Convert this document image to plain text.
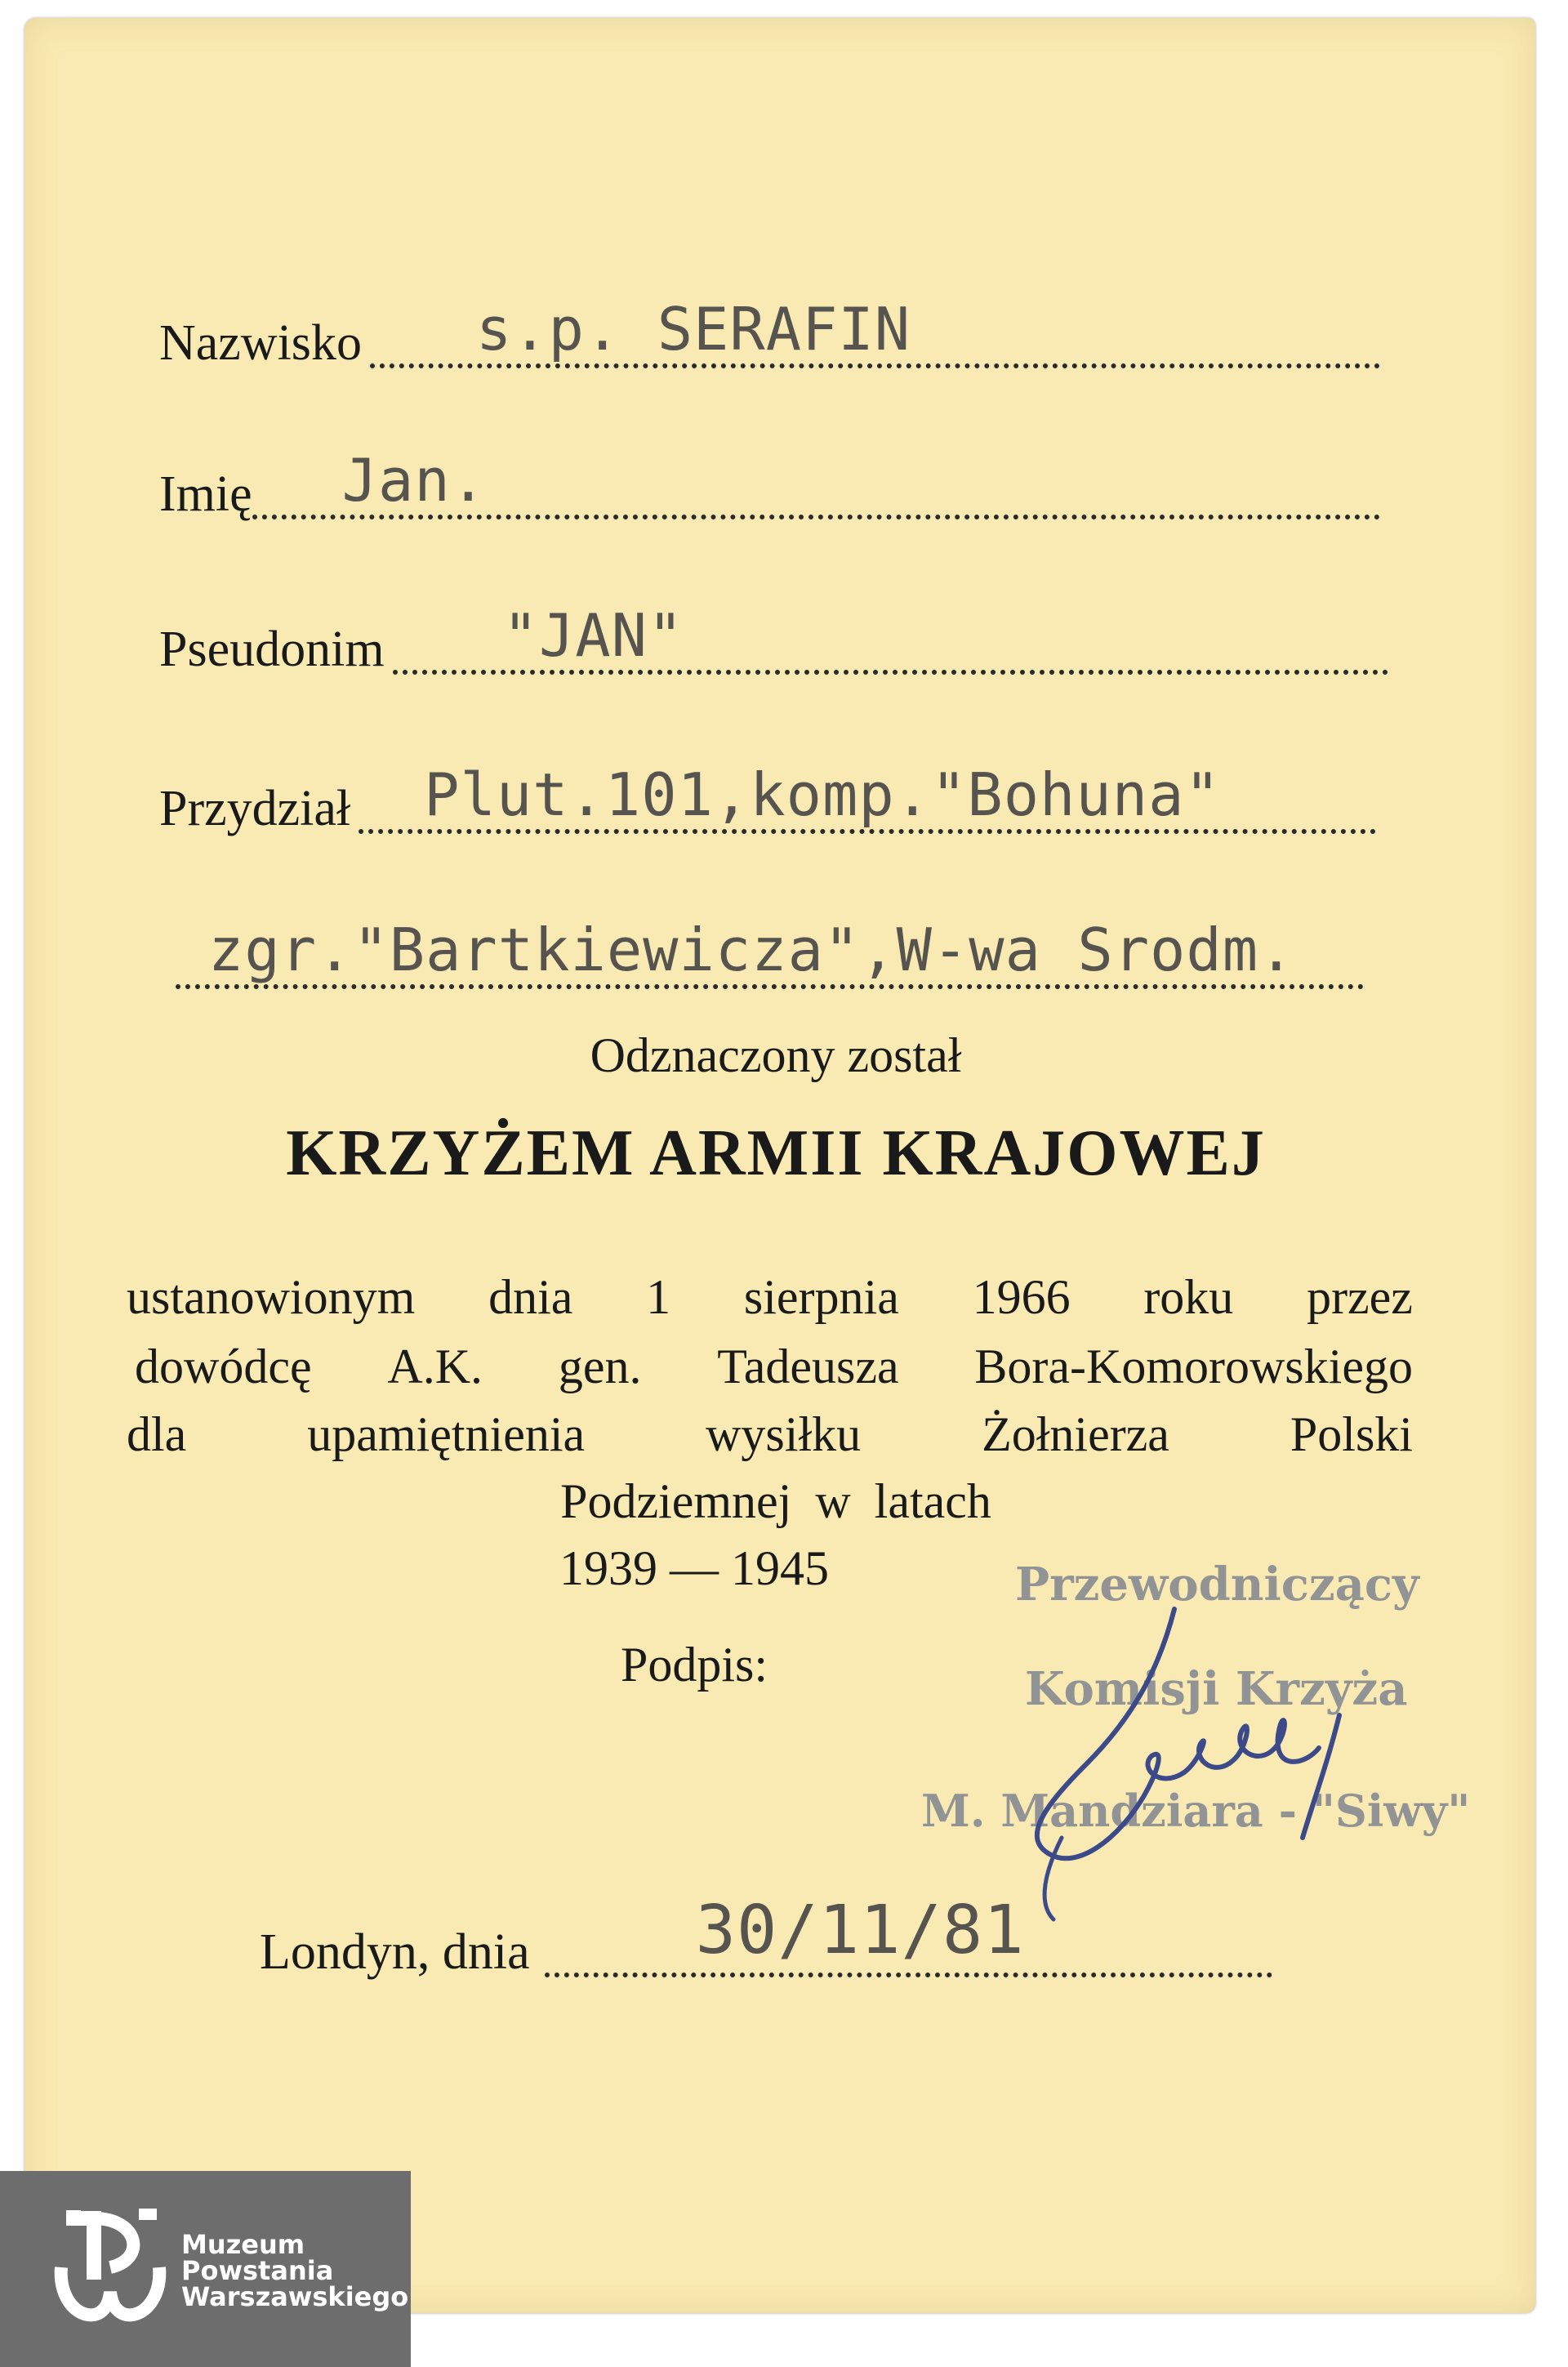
Nazwisko s.p. SERAFIN
Imię Jan.
Pseudonim "JAN"
Przydział Plut.101,komp."Bohuna"
zgr."Bartkiewicza",W-wa Srodm.
Odznaczony został
KRZYŻEM ARMII KRAJOWEJ
ustanowionym dnia 1 sierpnia 1966 roku przez
dowódcę A.K. gen. Tadeusza Bora-Komorowskiego
dla upamiętnienia wysiłku Żołnierza Polski
Podziemnej w latach
1939 — 1945
Podpis:
Przewodniczący
Komisji Krzyża
M. Mandziara - "Siwy"
Londyn, dnia 30/11/81
Muzeum
Powstania
Warszawskiego
